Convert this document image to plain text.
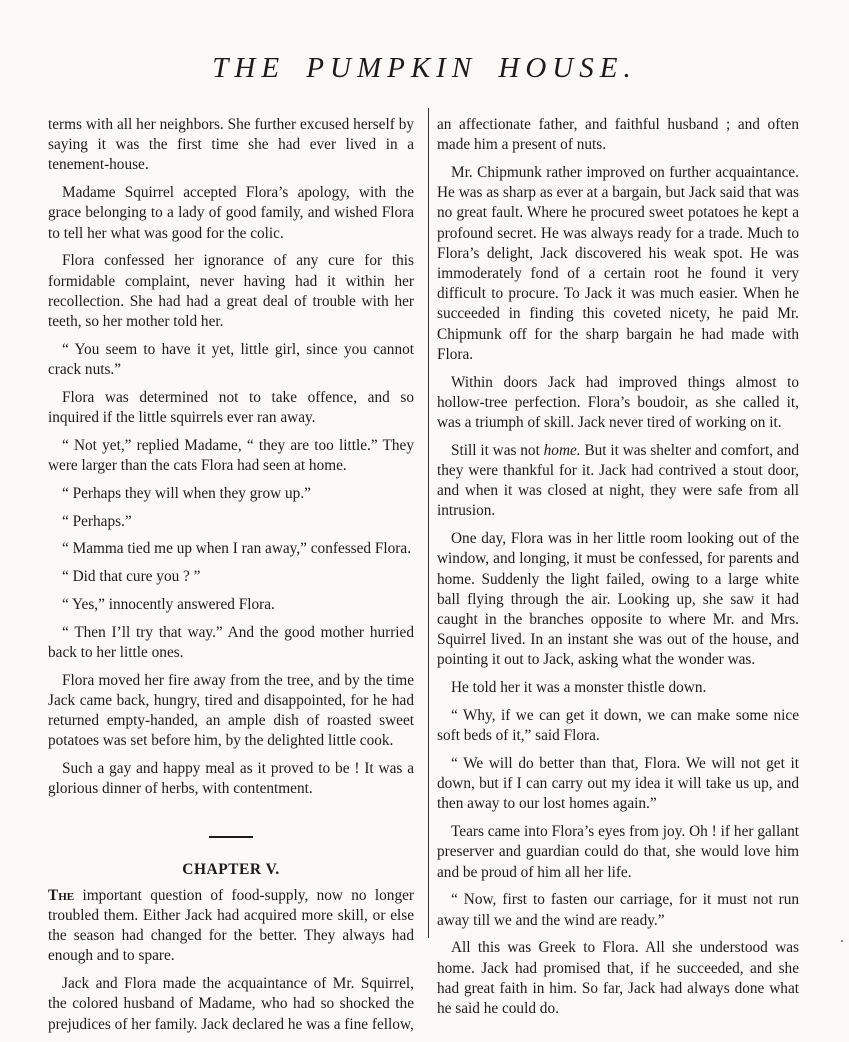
THE PUMPKIN HOUSE.

terms with all her neighbors. She further excused herself by saying it was the first time she had ever lived in a tenement-house.

Madame Squirrel accepted Flora’s apology, with the grace belonging to a lady of good family, and wished Flora to tell her what was good for the colic.

Flora confessed her ignorance of any cure for this formidable complaint, never having had it within her recollection. She had had a great deal of trouble with her teeth, so her mother told her.

“ You seem to have it yet, little girl, since you cannot crack nuts.”

Flora was determined not to take offence, and so inquired if the little squirrels ever ran away.

“ Not yet,” replied Madame, “ they are too little.” They were larger than the cats Flora had seen at home.

“ Perhaps they will when they grow up.”

“ Perhaps.”

“ Mamma tied me up when I ran away,” confessed Flora.

“ Did that cure you ? ”

“ Yes,” innocently answered Flora.

“ Then I’ll try that way.” And the good mother hurried back to her little ones.

Flora moved her fire away from the tree, and by the time Jack came back, hungry, tired and disappointed, for he had returned empty-handed, an ample dish of roasted sweet potatoes was set before him, by the delighted little cook.

Such a gay and happy meal as it proved to be ! It was a glorious dinner of herbs, with contentment.

CHAPTER V.

The important question of food-supply, now no longer troubled them. Either Jack had acquired more skill, or else the season had changed for the better. They always had enough and to spare.

Jack and Flora made the acquaintance of Mr. Squirrel, the colored husband of Madame, who had so shocked the prejudices of her family. Jack declared he was a fine fellow,

an affectionate father, and faithful husband ; and often made him a present of nuts.

Mr. Chipmunk rather improved on further acquaintance. He was as sharp as ever at a bargain, but Jack said that was no great fault. Where he procured sweet potatoes he kept a profound secret. He was always ready for a trade. Much to Flora’s delight, Jack discovered his weak spot. He was immoderately fond of a certain root he found it very difficult to procure. To Jack it was much easier. When he succeeded in finding this coveted nicety, he paid Mr. Chipmunk off for the sharp bargain he had made with Flora.

Within doors Jack had improved things almost to hollow-tree perfection. Flora’s boudoir, as she called it, was a triumph of skill. Jack never tired of working on it.

Still it was not home. But it was shelter and comfort, and they were thankful for it. Jack had contrived a stout door, and when it was closed at night, they were safe from all intrusion.

One day, Flora was in her little room looking out of the window, and longing, it must be confessed, for parents and home. Suddenly the light failed, owing to a large white ball flying through the air. Looking up, she saw it had caught in the branches opposite to where Mr. and Mrs. Squirrel lived. In an instant she was out of the house, and pointing it out to Jack, asking what the wonder was.

He told her it was a monster thistle down.

“ Why, if we can get it down, we can make some nice soft beds of it,” said Flora.

“ We will do better than that, Flora. We will not get it down, but if I can carry out my idea it will take us up, and then away to our lost homes again.”

Tears came into Flora’s eyes from joy. Oh ! if her gallant preserver and guardian could do that, she would love him and be proud of him all her life.

“ Now, first to fasten our carriage, for it must not run away till we and the wind are ready.”

All this was Greek to Flora. All she understood was home. Jack had promised that, if he succeeded, and she had great faith in him. So far, Jack had always done what he said he could do.
